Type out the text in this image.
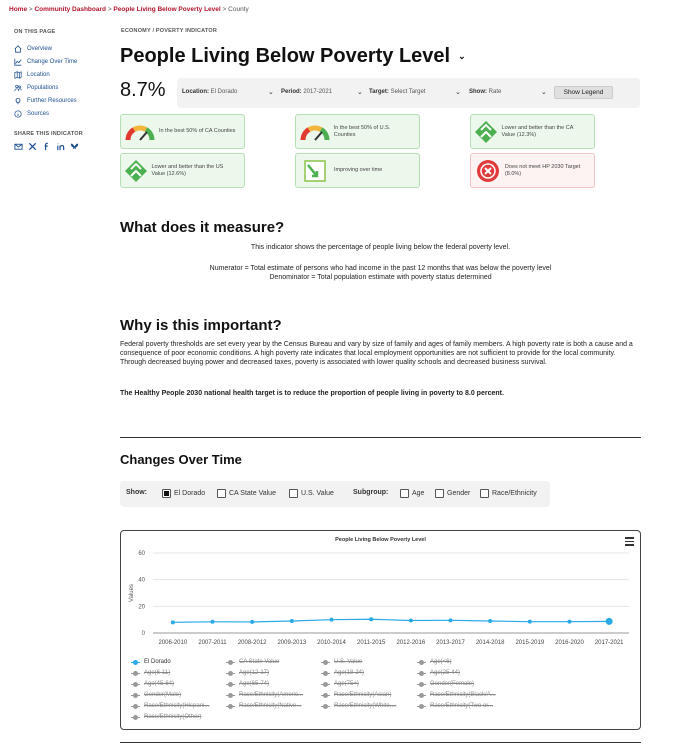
Home > Community Dashboard > People Living Below Poverty Level > County
ON THIS PAGE
Overview
Change Over Time
Location
Populations
Further Resources
Sources
SHARE THIS INDICATOR
ECONOMY / POVERTY INDICATOR
People Living Below Poverty Level ⌄
8.7%	Location: El Dorado	⌄ Period: 2017-2021	⌄ Target: Select Target	⌄ Show: Rate	⌄	Show Legend
In the best 50% of CA Counties
In the best 50% of U.S. Counties
Lower and better than the CA Value (12.3%)
Lower and better than the US Value (12.6%)
Improving over time
Does not meet HP 2030 Target (8.0%)
What does it measure?
This indicator shows the percentage of people living below the federal poverty level.
Numerator = Total estimate of persons who had income in the past 12 months that was below the poverty level
Denominator = Total population estimate with poverty status determined
Why is this important?
Federal poverty thresholds are set every year by the Census Bureau and vary by size of family and ages of family members. A high poverty rate is both a cause and a consequence of poor economic conditions. A high poverty rate indicates that local employment opportunities are not sufficient to provide for the local community. Through decreased buying power and decreased taxes, poverty is associated with lower quality schools and decreased business survival.
The Healthy People 2030 national health target is to reduce the proportion of people living in poverty to 8.0 percent.
Changes Over Time
Show:	El Dorado	CA State Value	U.S. Value	Subgroup:	Age	Gender	Race/Ethnicity
People Living Below Poverty Level
0
20
40
60
Values
2006-2010 2007-2011 2008-2012 2009-2013 2010-2014 2011-2015 2012-2016 2013-2017 2014-2018 2015-2019 2016-2020 2017-2021
El Dorado	CA State Value	U.S. Value	Age(<6)
Age(6-11)	Age(12-17)	Age(18-24)	Age(25-44)
Age(45-64)	Age(65-74)	Age(75+)	Gender(Female)
Gender(Male)	Race/Ethnicity(Americ...	Race/Ethnicity(Asian)	Race/Ethnicity(Black/A...
Race/Ethnicity(Hispani...	Race/Ethnicity(Native...	Race/Ethnicity(White,...	Race/Ethnicity(Two or...
Race/Ethnicity(Other)
